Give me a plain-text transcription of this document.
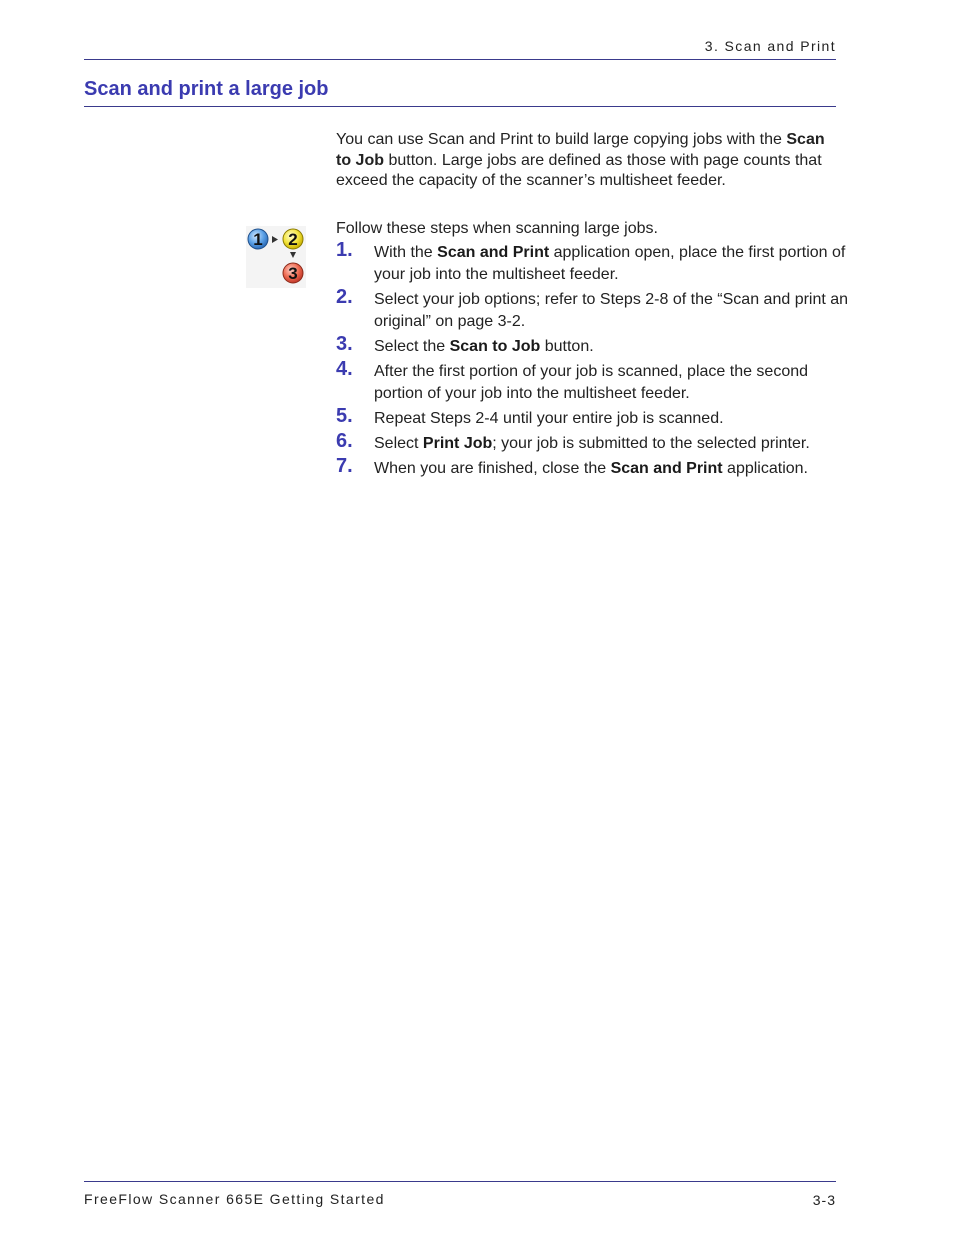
3. Scan and Print
Scan and print a large job

You can use Scan and Print to build large copying jobs with the Scan to Job button. Large jobs are defined as those with page counts that exceed the capacity of the scanner’s multisheet feeder.

Follow these steps when scanning large jobs.

1 2
3
1. With the Scan and Print application open, place the first portion of your job into the multisheet feeder.
2. Select your job options; refer to Steps 2-8 of the “Scan and print an original” on page 3-2.
3. Select the Scan to Job button.
4. After the first portion of your job is scanned, place the second portion of your job into the multisheet feeder.
5. Repeat Steps 2-4 until your entire job is scanned.
6. Select Print Job; your job is submitted to the selected printer.
7. When you are finished, close the Scan and Print application.
FreeFlow Scanner 665E Getting Started	3-3
